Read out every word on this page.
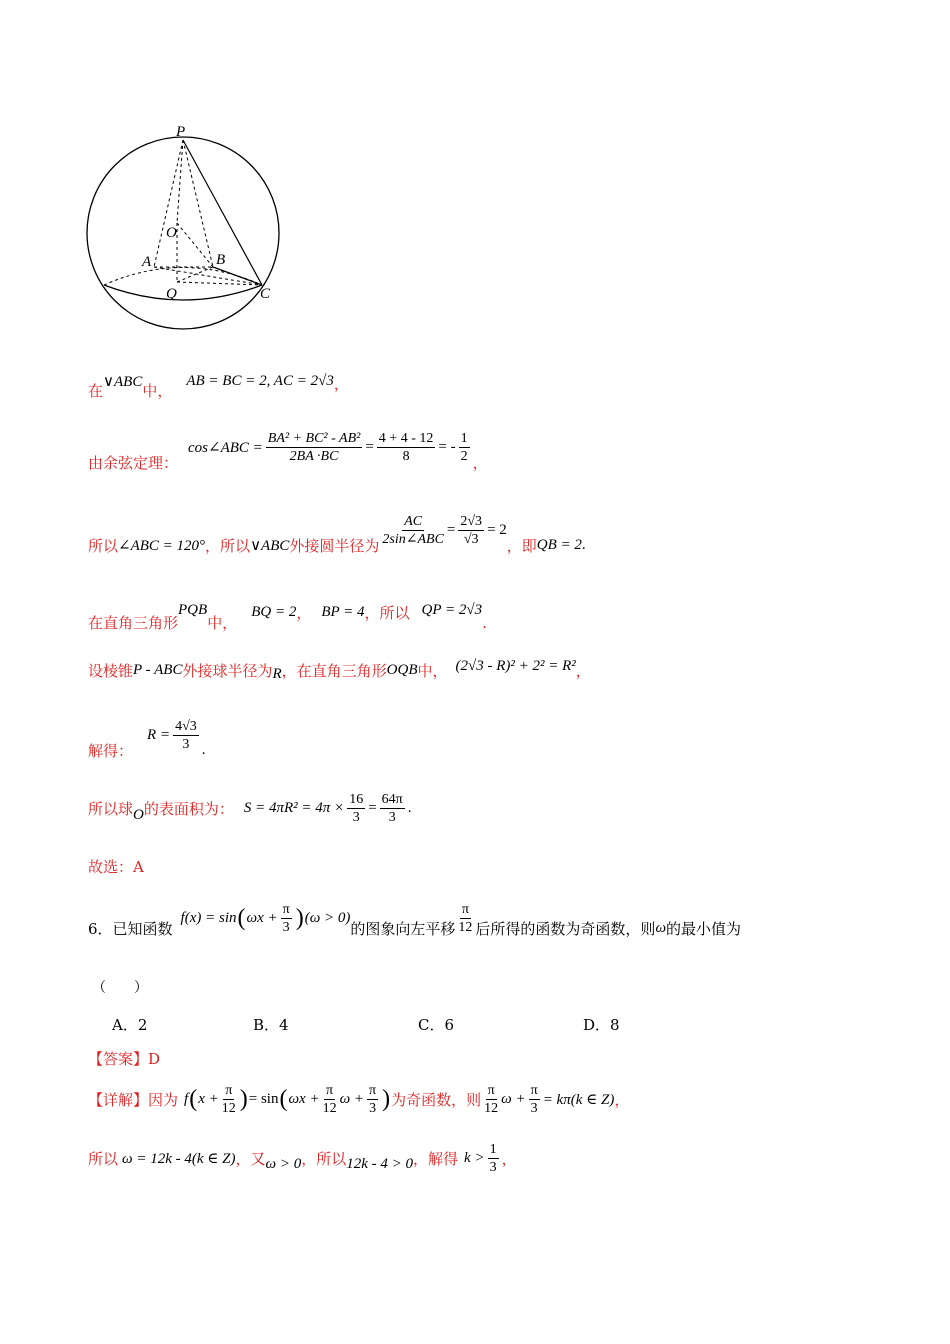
P
O
A	B
Q	C
在 ∨ABC 中，
AB = BC = 2, AC = 2√3 ，
由余弦定理：
cos∠ABC = $\frac{\text{BA² + BC² - AB²}}{2BA \cdot BC} = \frac{4 + 4 - 12}{8}$ = - $\frac{1}{2}$ ，
所以 ∠ABC = 120° ，所以 ∨ABC 外接圆半径为 $\frac{AC}{\text{2sin∠ABC}} = \frac{2√3}{√3} = 2$
，即 QB = 2 .
在直角三角形
PQB
中，
BQ = 2 ， BP = 4 ，所以 QP = 2√3
.
设棱锥 P - ABC 外接球半径为 R ，在直角三角形 OQB 中， (2√3 - R)² + 2² = R² ，
解得：
$R = \frac{4√3}{3}$ .
所以球 O 的表面积为： $S = 4\pi R^2 = 4\pi \times \frac{16}{3} = \frac{64\pi}{3}$ .
故选：A
6．已知函数
f(x) = sin ( $\omega x + \frac{\pi}{3}$ ) (ω > 0)
的图象向左平移 $\frac{\pi}{12}$ 后所得的函数为奇函数，则 ω 的最小值为
（　　）
A．2	B．4	C．6	D．8
【答案】 D
【详解】 因为 f ( $x + \frac{\pi}{12}$ ) = sin ( $\omega x + \frac{\pi}{12}$ $\omega + \frac{\pi}{3}$ ) 为奇函数，则 $\frac{\pi}{12}$ $\omega + \frac{\pi}{3} = k\pi(k$ ∈ Z) ，
所以 ω = 12k - 4(k ∈ Z) ，又 ω > 0 ，所以 12k - 4 > 0 ，解得 $k > \frac{1}{3}$ ，
